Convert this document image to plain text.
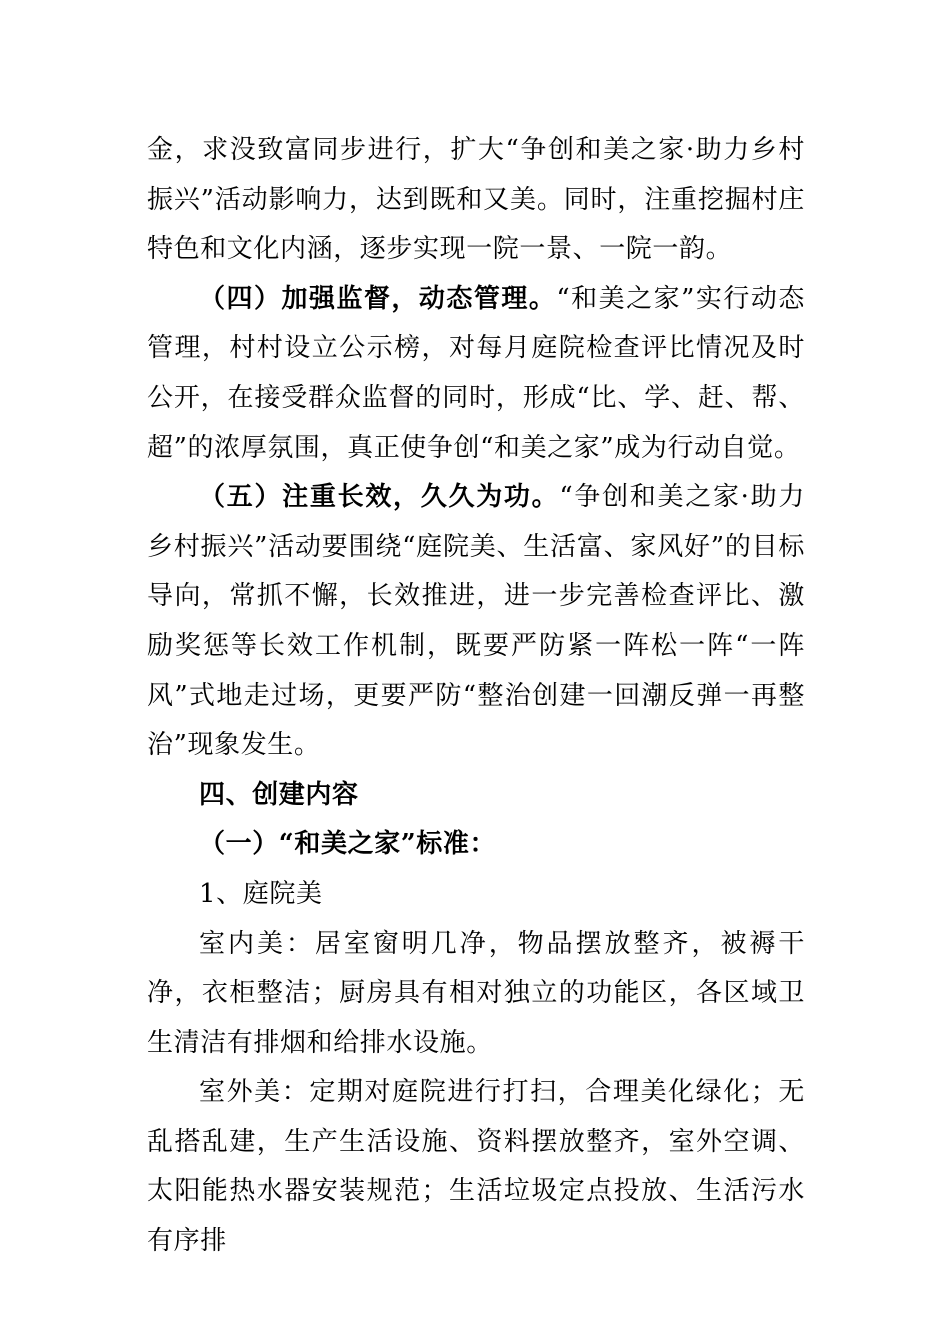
金，求没致富同步进行，扩大“争创和美之家·助力乡村振兴”活动影响力，达到既和又美。同时，注重挖掘村庄特色和文化内涵，逐步实现一院一景、一院一韵。

（四）加强监督，动态管理。“和美之家”实行动态管理，村村设立公示榜，对每月庭院检查评比情况及时公开，在接受群众监督的同时，形成“比、学、赶、帮、超”的浓厚氛围，真正使争创“和美之家”成为行动自觉。

（五）注重长效，久久为功。“争创和美之家·助力乡村振兴”活动要围绕“庭院美、生活富、家风好”的目标导向，常抓不懈，长效推进，进一步完善检查评比、激励奖惩等长效工作机制，既要严防紧一阵松一阵“一阵风”式地走过场，更要严防“整治创建一回潮反弹一再整治”现象发生。

四、创建内容

（一）“和美之家”标准：

1、庭院美

室内美：居室窗明几净，物品摆放整齐，被褥干净，衣柜整洁；厨房具有相对独立的功能区，各区域卫生清洁有排烟和给排水设施。

室外美：定期对庭院进行打扫，合理美化绿化；无乱搭乱建，生产生活设施、资料摆放整齐，室外空调、太阳能热水器安装规范；生活垃圾定点投放、生活污水有序排
